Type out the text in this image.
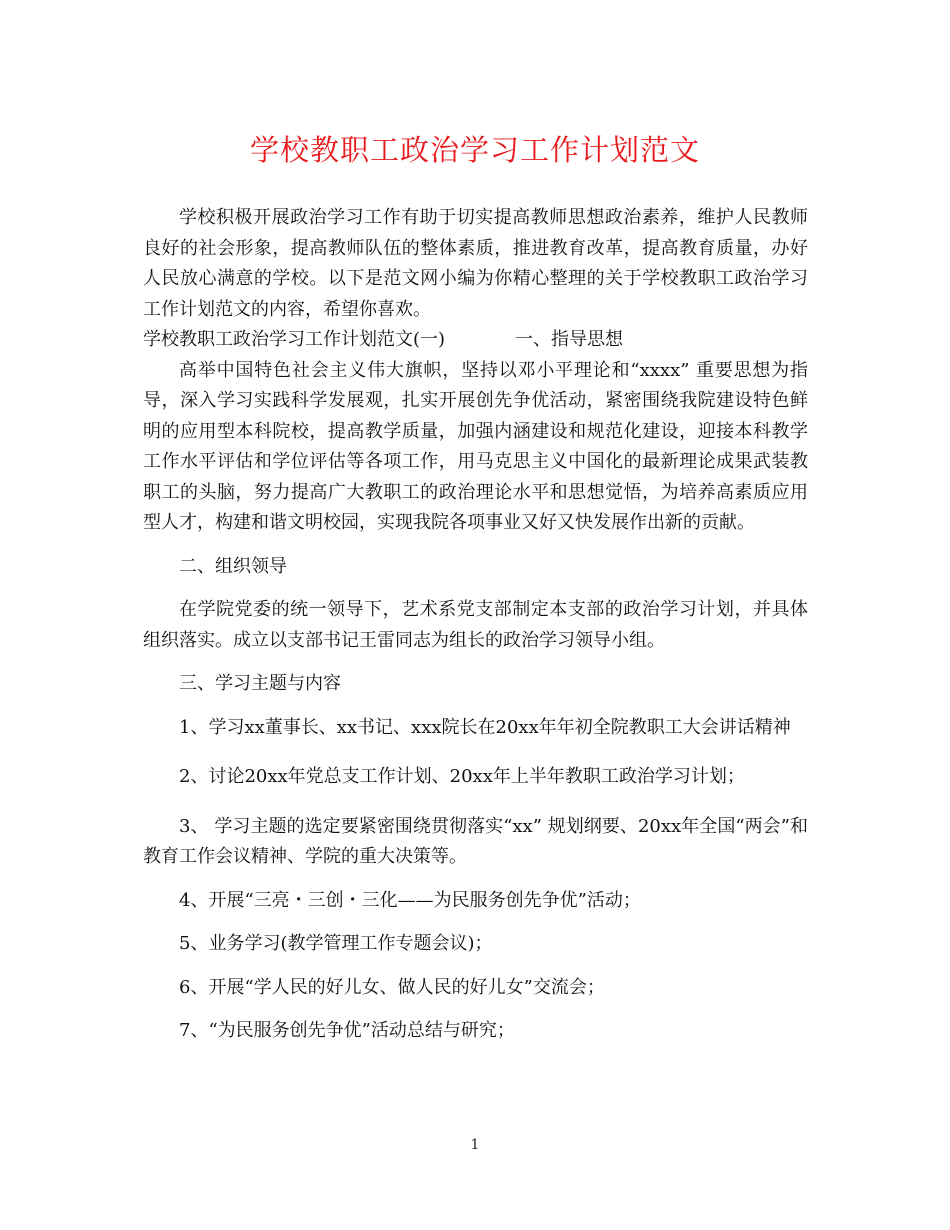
学校教职工政治学习工作计划范文

学校积极开展政治学习工作有助于切实提高教师思想政治素养，维护人民教师良好的社会形象，提高教师队伍的整体素质，推进教育改革，提高教育质量，办好人民放心满意的学校。以下是范文网小编为你精心整理的关于学校教职工政治学习工作计划范文的内容，希望你喜欢。

学校教职工政治学习工作计划范文(一)	一、指导思想

高举中国特色社会主义伟大旗帜，坚持以邓小平理论和“xxxx” 重要思想为指导，深入学习实践科学发展观，扎实开展创先争优活动，紧密围绕我院建设特色鲜明的应用型本科院校，提高教学质量，加强内涵建设和规范化建设，迎接本科教学工作水平评估和学位评估等各项工作，用马克思主义中国化的最新理论成果武装教职工的头脑，努力提高广大教职工的政治理论水平和思想觉悟，为培养高素质应用型人才，构建和谐文明校园，实现我院各项事业又好又快发展作出新的贡献。

二、组织领导

在学院党委的统一领导下，艺术系党支部制定本支部的政治学习计划，并具体组织落实。成立以支部书记王雷同志为组长的政治学习领导小组。

三、学习主题与内容

1、学习xx董事长、xx书记、xxx院长在20xx年年初全院教职工大会讲话精神

2、讨论20xx年党总支工作计划、20xx年上半年教职工政治学习计划；

3、 学习主题的选定要紧密围绕贯彻落实“xx” 规划纲要、20xx年全国“两会”和教育工作会议精神、学院的重大决策等。

4、开展“三亮・三创・三化——为民服务创先争优”活动；

5、业务学习(教学管理工作专题会议)；

6、开展“学人民的好儿女、做人民的好儿女”交流会；

7、“为民服务创先争优”活动总结与研究；

1
